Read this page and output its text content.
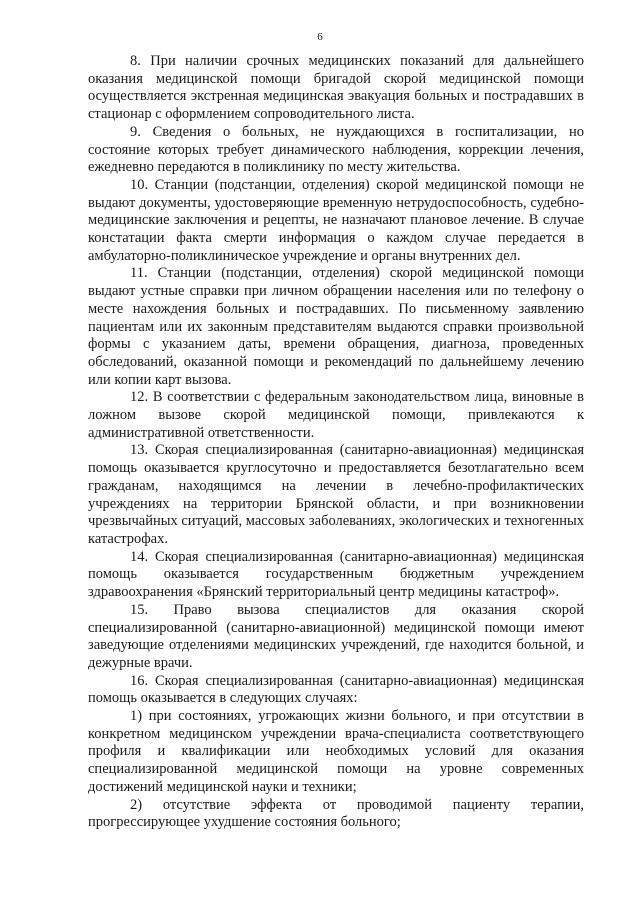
6

8. При наличии срочных медицинских показаний для дальнейшего оказания медицинской помощи бригадой скорой медицинской помощи осуществляется экстренная медицинская эвакуация больных и пострадавших в стационар с оформлением сопроводительного листа.

9. Сведения о больных, не нуждающихся в госпитализации, но состояние которых требует динамического наблюдения, коррекции лечения, ежедневно передаются в поликлинику по месту жительства.

10. Станции (подстанции, отделения) скорой медицинской помощи не выдают документы, удостоверяющие временную нетрудоспособность, судебно-медицинские заключения и рецепты, не назначают плановое лечение. В случае констатации факта смерти информация о каждом случае передается в амбулаторно-поликлиническое учреждение и органы внутренних дел.

11. Станции (подстанции, отделения) скорой медицинской помощи выдают устные справки при личном обращении населения или по телефону о месте нахождения больных и пострадавших. По письменному заявлению пациентам или их законным представителям выдаются справки произвольной формы с указанием даты, времени обращения, диагноза, проведенных обследований, оказанной помощи и рекомендаций по дальнейшему лечению или копии карт вызова.

12. В соответствии с федеральным законодательством лица, виновные в ложном вызове скорой медицинской помощи, привлекаются к административной ответственности.

13. Скорая специализированная (санитарно-авиационная) медицинская помощь оказывается круглосуточно и предоставляется безотлагательно всем гражданам, находящимся на лечении в лечебно-профилактических учреждениях на территории Брянской области, и при возникновении чрезвычайных ситуаций, массовых заболеваниях, экологических и техногенных катастрофах.

14. Скорая специализированная (санитарно-авиационная) медицинская помощь оказывается государственным бюджетным учреждением здравоохранения «Брянский территориальный центр медицины катастроф».

15. Право вызова специалистов для оказания скорой специализированной (санитарно-авиационной) медицинской помощи имеют заведующие отделениями медицинских учреждений, где находится больной, и дежурные врачи.

16. Скорая специализированная (санитарно-авиационная) медицинская помощь оказывается в следующих случаях:

1) при состояниях, угрожающих жизни больного, и при отсутствии в конкретном медицинском учреждении врача-специалиста соответствующего профиля и квалификации или необходимых условий для оказания специализированной медицинской помощи на уровне современных достижений медицинской науки и техники;

2) отсутствие эффекта от проводимой пациенту терапии, прогрессирующее ухудшение состояния больного;
